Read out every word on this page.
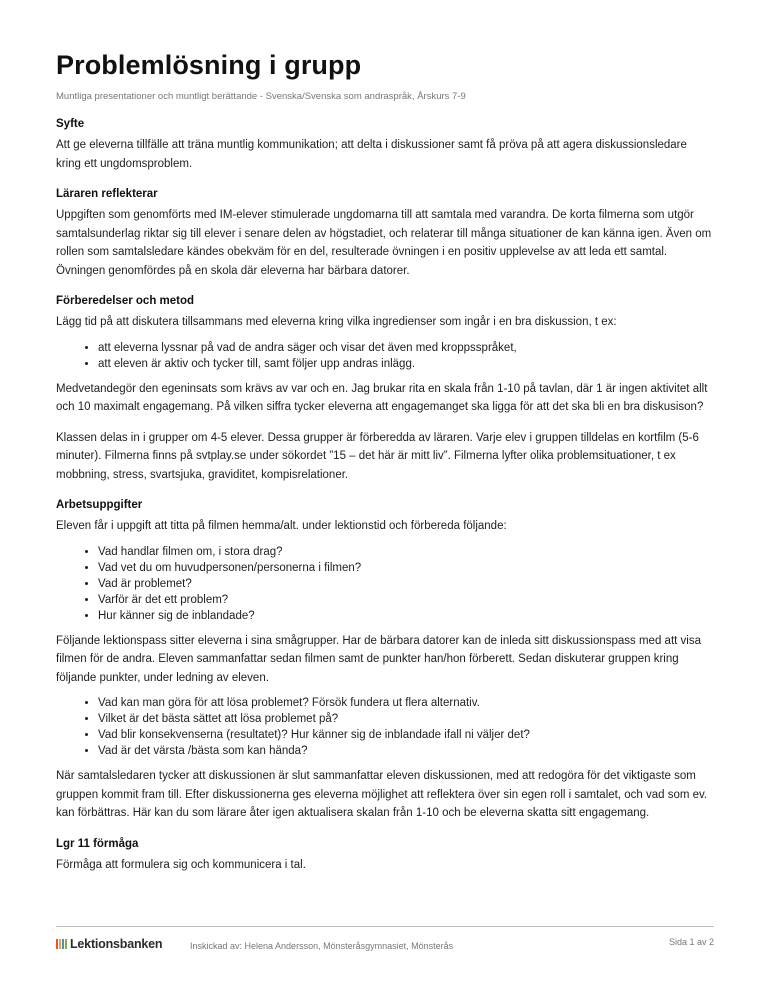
Problemlösning i grupp
Muntliga presentationer och muntligt berättande - Svenska/Svenska som andraspråk, Årskurs 7-9
Syfte

Att ge eleverna tillfälle att träna muntlig kommunikation; att delta i diskussioner samt få pröva på att agera diskussionsledare kring ett ungdomsproblem.

Läraren reflekterar

Uppgiften som genomförts med IM-elever stimulerade ungdomarna till att samtala med varandra. De korta filmerna som utgör samtalsunderlag riktar sig till elever i senare delen av högstadiet, och relaterar till många situationer de kan känna igen. Även om rollen som samtalsledare kändes obekväm för en del, resulterade övningen i en positiv upplevelse av att leda ett samtal. Övningen genomfördes på en skola där eleverna har bärbara datorer.

Förberedelser och metod

Lägg tid på att diskutera tillsammans med eleverna kring vilka ingredienser som ingår i en bra diskussion, t ex:

• att eleverna lyssnar på vad de andra säger och visar det även med kroppsspråket,
• att eleven är aktiv och tycker till, samt följer upp andras inlägg.

Medvetandegör den egeninsats som krävs av var och en. Jag brukar rita en skala från 1-10 på tavlan, där 1 är ingen aktivitet allt och 10 maximalt engagemang. På vilken siffra tycker eleverna att engagemanget ska ligga för att det ska bli en bra diskusison?

Klassen delas in i grupper om 4-5 elever. Dessa grupper är förberedda av läraren. Varje elev i gruppen tilldelas en kortfilm (5-6 minuter). Filmerna finns på svtplay.se under sökordet ”15 – det här är mitt liv”. Filmerna lyfter olika problemsituationer, t ex mobbning, stress, svartsjuka, graviditet, kompisrelationer.

Arbetsuppgifter

Eleven får i uppgift att titta på filmen hemma/alt. under lektionstid och förbereda följande:

• Vad handlar filmen om, i stora drag?
• Vad vet du om huvudpersonen/personerna i filmen?
• Vad är problemet?
• Varför är det ett problem?
• Hur känner sig de inblandade?

Följande lektionspass sitter eleverna i sina smågrupper. Har de bärbara datorer kan de inleda sitt diskussionspass med att visa filmen för de andra. Eleven sammanfattar sedan filmen samt de punkter han/hon förberett. Sedan diskuterar gruppen kring följande punkter, under ledning av eleven.

• Vad kan man göra för att lösa problemet? Försök fundera ut flera alternativ.
• Vilket är det bästa sättet att lösa problemet på?
• Vad blir konsekvenserna (resultatet)? Hur känner sig de inblandade ifall ni väljer det?
• Vad är det värsta /bästa som kan hända?

När samtalsledaren tycker att diskussionen är slut sammanfattar eleven diskussionen, med att redogöra för det viktigaste som gruppen kommit fram till. Efter diskussionerna ges eleverna möjlighet att reflektera över sin egen roll i samtalet, och vad som ev. kan förbättras. Här kan du som lärare åter igen aktualisera skalan från 1-10 och be eleverna skatta sitt engagemang.

Lgr 11 förmåga

Förmåga att formulera sig och kommunicera i tal.

Lektionsbanken	Inskickad av: Helena Andersson, Mönsteråsgymnasiet, Mönsterås	Sida 1 av 2
